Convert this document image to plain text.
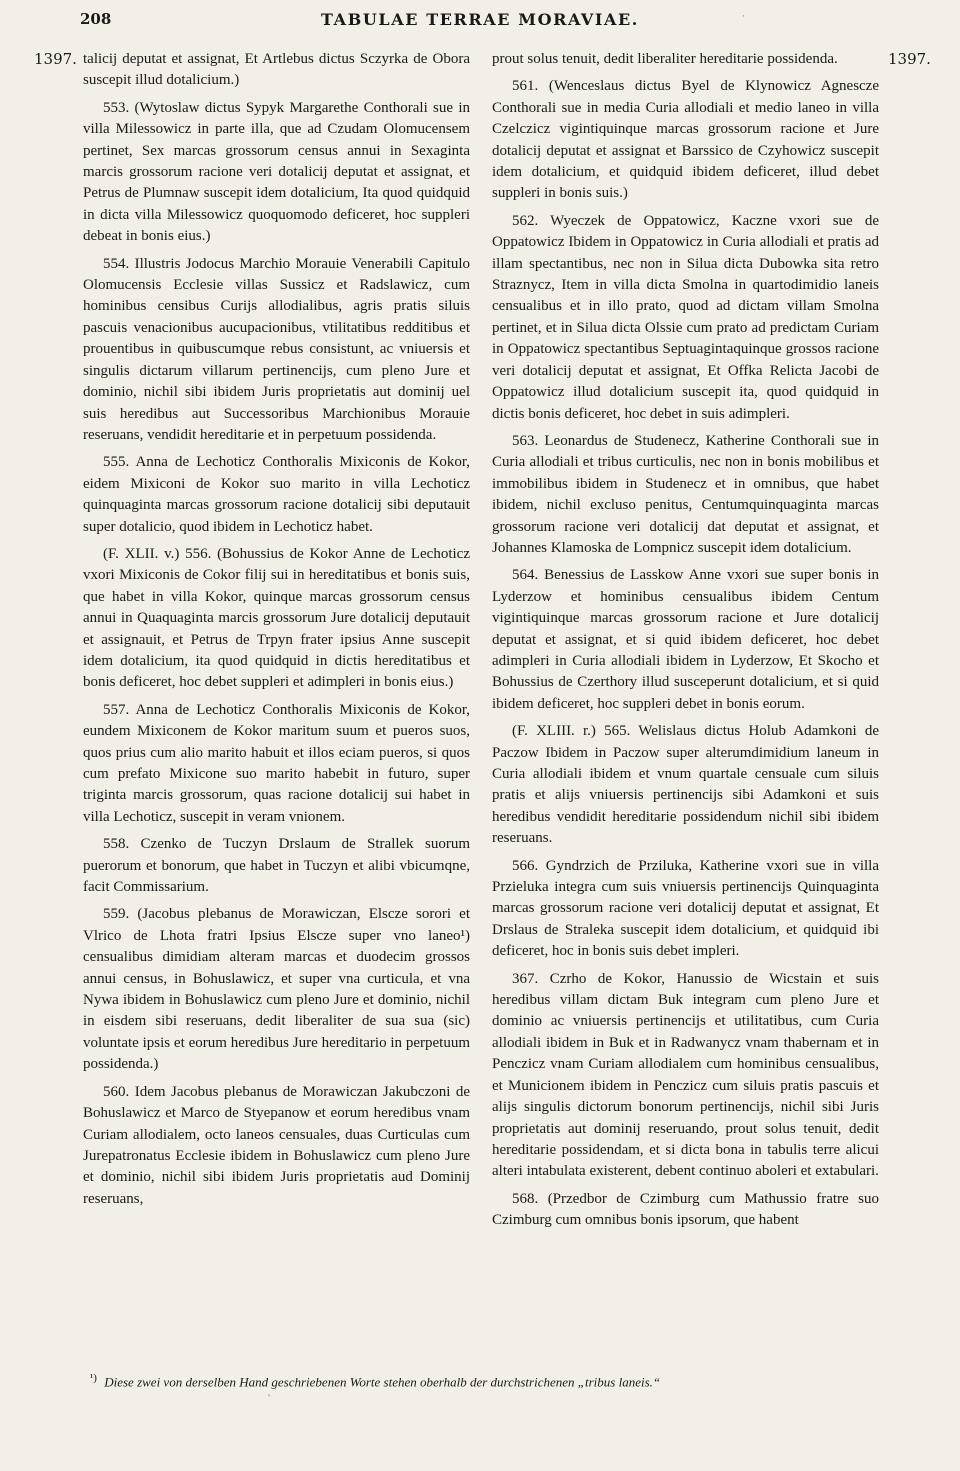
208	TABULAE TERRAE MORAVIAE.	·
1397.	1397.

talicij deputat et assignat, Et Artlebus dictus Sczyrka de Obora suscepit illud dotalicium.)

553. (Wytoslaw dictus Sypyk Margarethe Conthorali sue in villa Milessowicz in parte illa, que ad Czudam Olomucensem pertinet, Sex marcas grossorum census annui in Sexaginta marcis grossorum racione veri dotalicij deputat et assignat, et Petrus de Plumnaw suscepit idem dotalicium, Ita quod quidquid in dicta villa Milessowicz quoquomodo deficeret, hoc suppleri debeat in bonis eius.)

554. Illustris Jodocus Marchio Morauie Venerabili Capitulo Olomucensis Ecclesie villas Sussicz et Radslawicz, cum hominibus censibus Curijs allodialibus, agris pratis siluis pascuis venacionibus aucupacionibus, vtilitatibus redditibus et prouentibus in quibuscumque rebus consistunt, ac vniuersis et singulis dictarum villarum pertinencijs, cum pleno Jure et dominio, nichil sibi ibidem Juris proprietatis aut dominij uel suis heredibus aut Successoribus Marchionibus Morauie reseruans, vendidit hereditarie et in perpetuum possidenda.

555. Anna de Lechoticz Conthoralis Mixiconis de Kokor, eidem Mixiconi de Kokor suo marito in villa Lechoticz quinquaginta marcas grossorum racione dotalicij sibi deputauit super dotalicio, quod ibidem in Lechoticz habet.

(F. XLII. v.) 556. (Bohussius de Kokor Anne de Lechoticz vxori Mixiconis de Cokor filij sui in hereditatibus et bonis suis, que habet in villa Kokor, quinque marcas grossorum census annui in Quaquaginta marcis grossorum Jure dotalicij deputauit et assignauit, et Petrus de Trpyn frater ipsius Anne suscepit idem dotalicium, ita quod quidquid in dictis hereditatibus et bonis deficeret, hoc debet suppleri et adimpleri in bonis eius.)

557. Anna de Lechoticz Conthoralis Mixiconis de Kokor, eundem Mixiconem de Kokor maritum suum et pueros suos, quos prius cum alio marito habuit et illos eciam pueros, si quos cum prefato Mixicone suo marito habebit in futuro, super triginta marcis grossorum, quas racione dotalicij sui habet in villa Lechoticz, suscepit in veram vnionem.

558. Czenko de Tuczyn Drslaum de Strallek suorum puerorum et bonorum, que habet in Tuczyn et alibi vbicumqne, facit Commissarium.

559. (Jacobus plebanus de Morawiczan, Elscze sorori et Vlrico de Lhota fratri Ipsius Elscze super vno laneo¹) censualibus dimidiam alteram marcas et duodecim grossos annui census, in Bohuslawicz, et super vna curticula, et vna Nywa ibidem in Bohuslawicz cum pleno Jure et dominio, nichil in eisdem sibi reseruans, dedit liberaliter de sua sua (sic) voluntate ipsis et eorum heredibus Jure hereditario in perpetuum possidenda.)

560. Idem Jacobus plebanus de Morawiczan Jakubczoni de Bohuslawicz et Marco de Styepanow et eorum heredibus vnam Curiam allodialem, octo laneos censuales, duas Curticulas cum Jurepatronatus Ecclesie ibidem in Bohuslawicz cum pleno Jure et dominio, nichil sibi ibidem Juris proprietatis aud Dominij reseruans,

prout solus tenuit, dedit liberaliter hereditarie possidenda.

561. (Wenceslaus dictus Byel de Klynowicz Agnescze Conthorali sue in media Curia allodiali et medio laneo in villa Czelczicz vigintiquinque marcas grossorum racione et Jure dotalicij deputat et assignat et Barssico de Czyhowicz suscepit idem dotalicium, et quidquid ibidem deficeret, illud debet suppleri in bonis suis.)

562. Wyeczek de Oppatowicz, Kaczne vxori sue de Oppatowicz Ibidem in Oppatowicz in Curia allodiali et pratis ad illam spectantibus, nec non in Silua dicta Dubowka sita retro Straznycz, Item in villa dicta Smolna in quartodimidio laneis censualibus et in illo prato, quod ad dictam villam Smolna pertinet, et in Silua dicta Olssie cum prato ad predictam Curiam in Oppatowicz spectantibus Septuagintaquinque grossos racione veri dotalicij deputat et assignat, Et Offka Relicta Jacobi de Oppatowicz illud dotalicium suscepit ita, quod quidquid in dictis bonis deficeret, hoc debet in suis adimpleri.

563. Leonardus de Studenecz, Katherine Conthorali sue in Curia allodiali et tribus curticulis, nec non in bonis mobilibus et immobilibus ibidem in Studenecz et in omnibus, que habet ibidem, nichil excluso penitus, Centumquinquaginta marcas grossorum racione veri dotalicij dat deputat et assignat, et Johannes Klamoska de Lompnicz suscepit idem dotalicium.

564. Benessius de Lasskow Anne vxori sue super bonis in Lyderzow et hominibus censualibus ibidem Centum vigintiquinque marcas grossorum racione et Jure dotalicij deputat et assignat, et si quid ibidem deficeret, hoc debet adimpleri in Curia allodiali ibidem in Lyderzow, Et Skocho et Bohussius de Czerthory illud susceperunt dotalicium, et si quid ibidem deficeret, hoc suppleri debet in bonis eorum.

(F. XLIII. r.) 565. Welislaus dictus Holub Adamkoni de Paczow Ibidem in Paczow super alterumdimidium laneum in Curia allodiali ibidem et vnum quartale censuale cum siluis pratis et alijs vniuersis pertinencijs sibi Adamkoni et suis heredibus vendidit hereditarie possidendum nichil sibi ibidem reseruans.

566. Gyndrzich de Prziluka, Katherine vxori sue in villa Przieluka integra cum suis vniuersis pertinencijs Quinquaginta marcas grossorum racione veri dotalicij deputat et assignat, Et Drslaus de Straleka suscepit idem dotalicium, et quidquid ibi deficeret, hoc in bonis suis debet impleri.

367. Czrho de Kokor, Hanussio de Wicstain et suis heredibus villam dictam Buk integram cum pleno Jure et dominio ac vniuersis pertinencijs et utilitatibus, cum Curia allodiali ibidem in Buk et in Radwanycz vnam thabernam et in Penczicz vnam Curiam allodialem cum hominibus censualibus, et Municionem ibidem in Penczicz cum siluis pratis pascuis et alijs singulis dictorum bonorum pertinencijs, nichil sibi Juris proprietatis aut dominij reseruando, prout solus tenuit, dedit hereditarie possidendam, et si dicta bona in tabulis terre alicui alteri intabulata existerent, debent continuo aboleri et extabulari.

568. (Przedbor de Czimburg cum Mathussio fratre suo Czimburg cum omnibus bonis ipsorum, que habent

$^{^1)}$ Diese zwei von derselben Hand geschriebenen Worte stehen oberhalb der durchstrichenen „tribus laneis.“
`
